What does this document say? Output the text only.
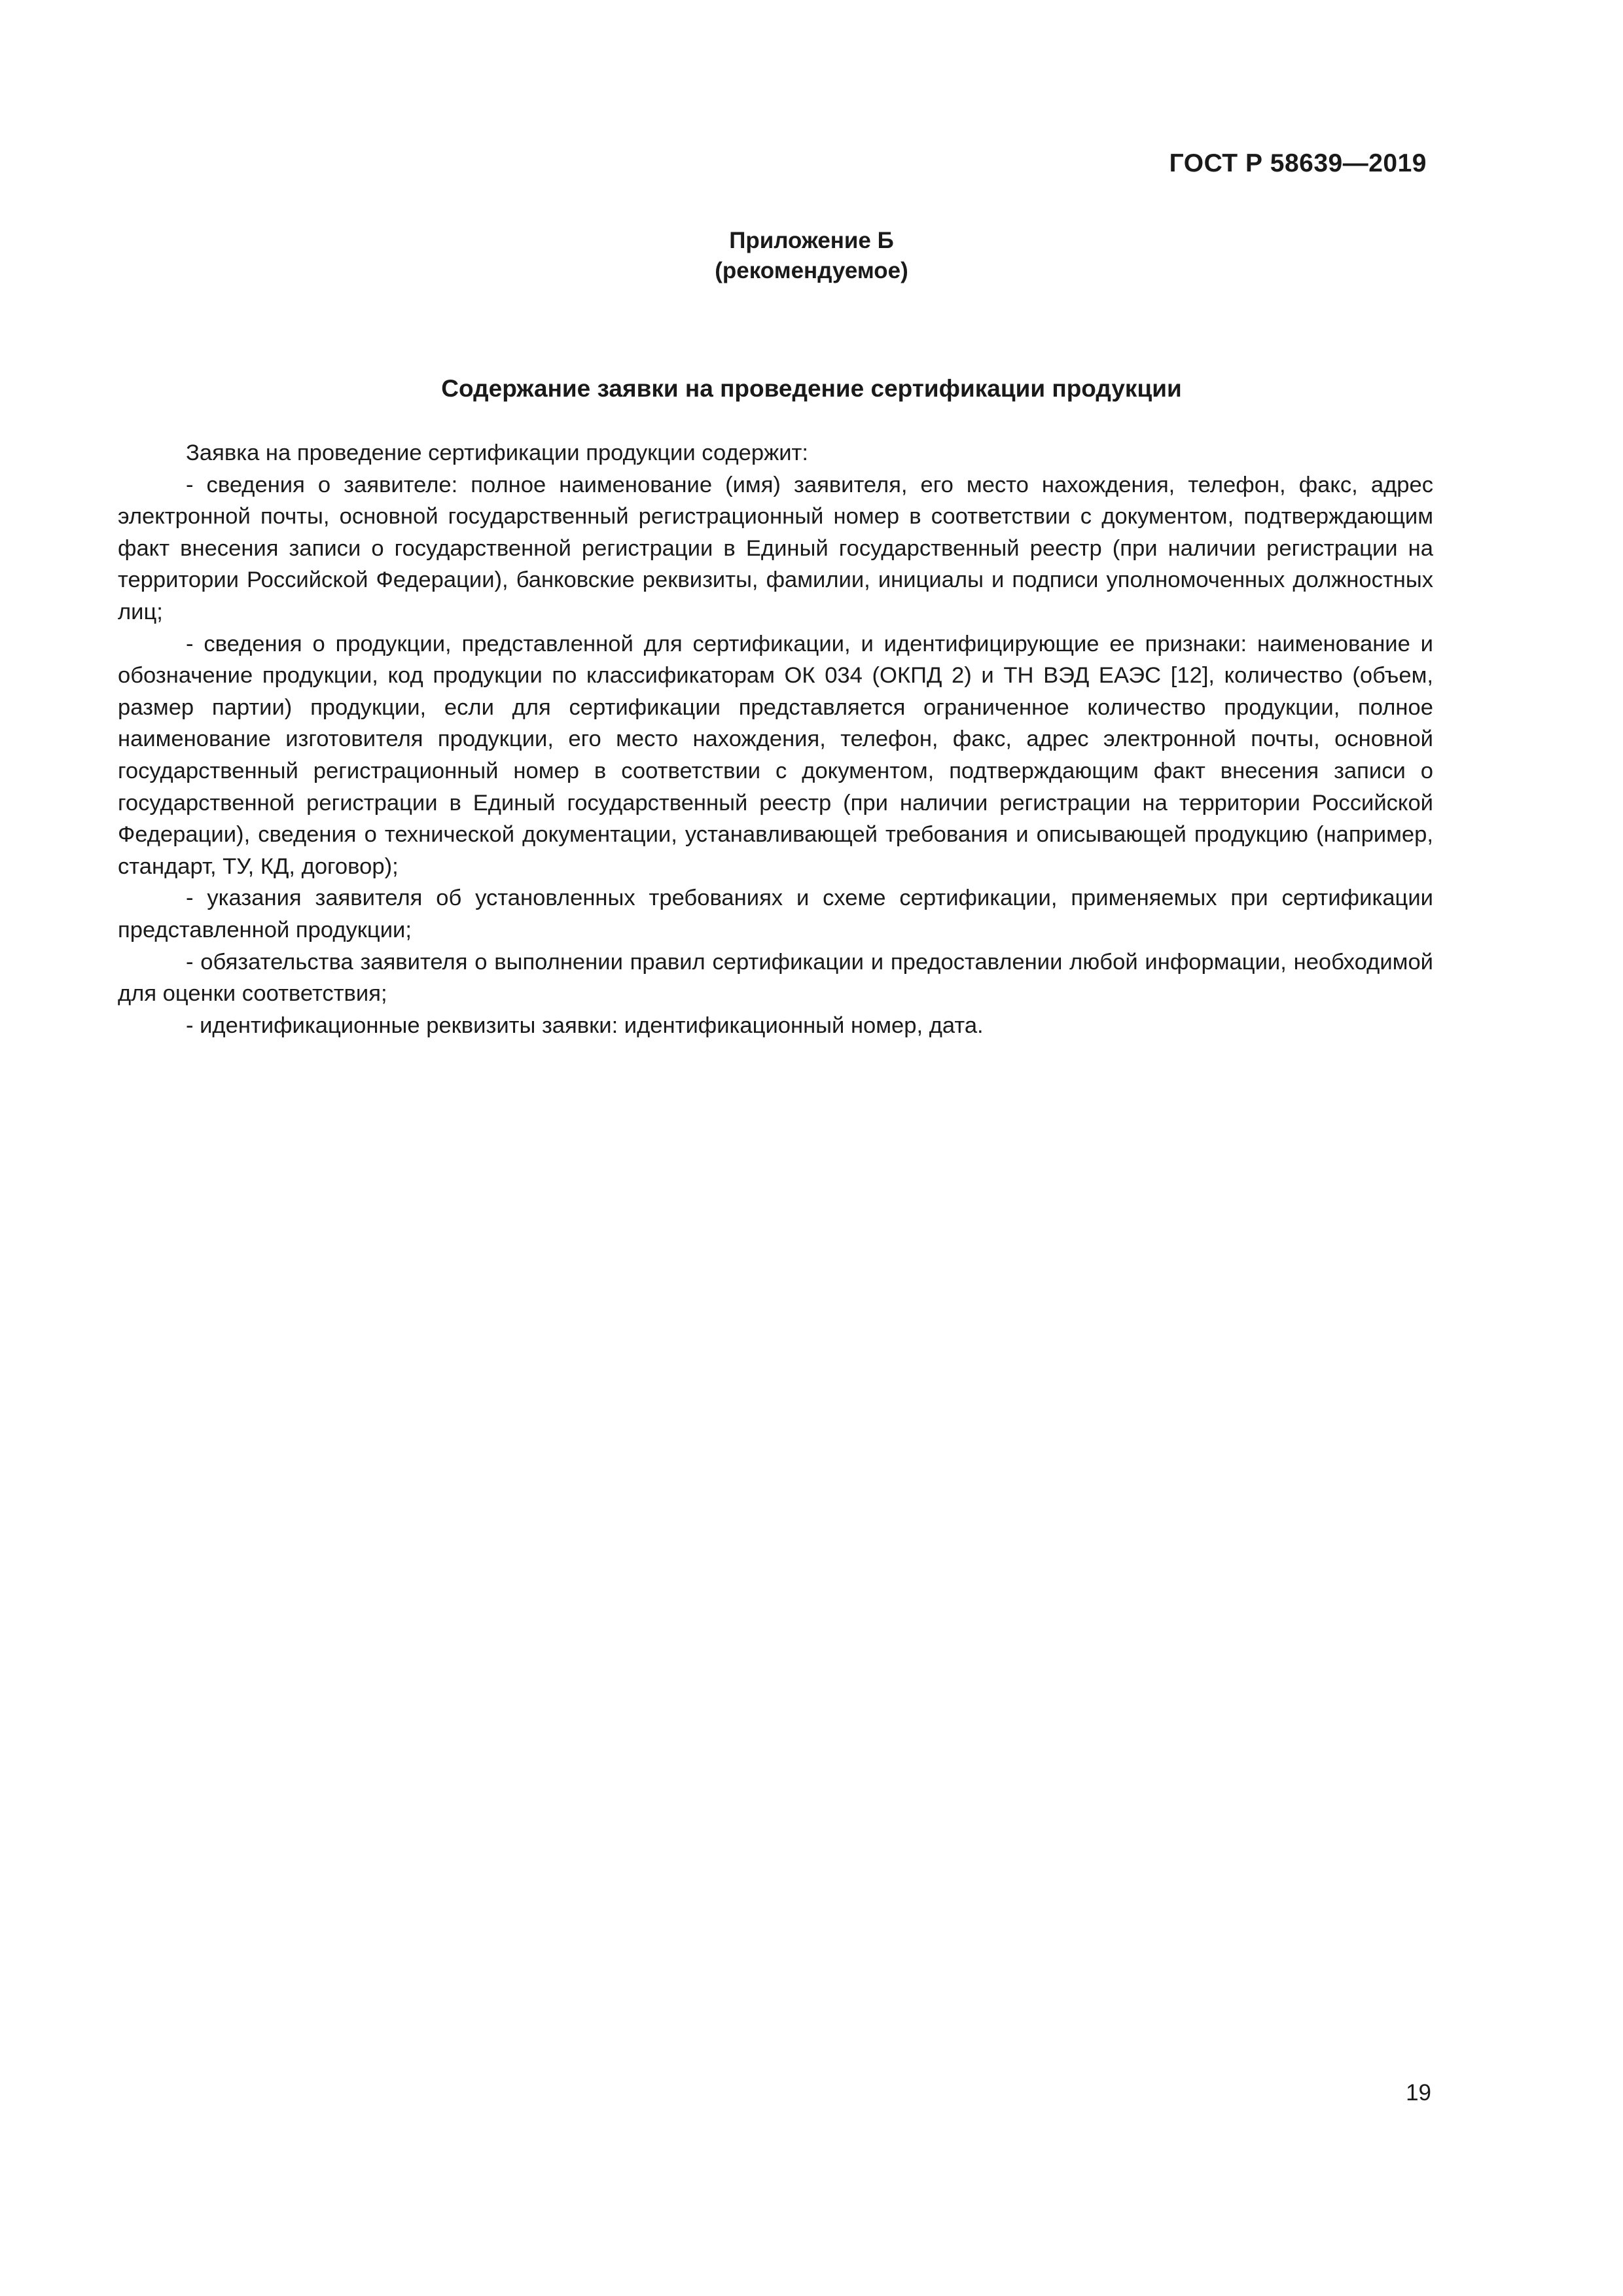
ГОСТ Р 58639—2019
Приложение Б
(рекомендуемое)
Содержание заявки на проведение сертификации продукции

Заявка на проведение сертификации продукции содержит:

- сведения о заявителе: полное наименование (имя) заявителя, его место нахождения, телефон, факс, адрес электронной почты, основной государственный регистрационный номер в соответствии с документом, подтверждающим факт внесения записи о государственной регистрации в Единый государственный реестр (при наличии регистрации на территории Российской Федерации), банковские реквизиты, фамилии, инициалы и подписи уполномоченных должностных лиц;

- сведения о продукции, представленной для сертификации, и идентифицирующие ее признаки: наименование и обозначение продукции, код продукции по классификаторам ОК 034 (ОКПД 2) и ТН ВЭД ЕАЭС [12], количество (объем, размер партии) продукции, если для сертификации представляется ограниченное количество продукции, полное наименование изготовителя продукции, его место нахождения, телефон, факс, адрес электронной почты, основной государственный регистрационный номер в соответствии с документом, подтверждающим факт внесения записи о государственной регистрации в Единый государственный реестр (при наличии регистрации на территории Российской Федерации), сведения о технической документации, устанавливающей требования и описывающей продукцию (например, стандарт, ТУ, КД, договор);

- указания заявителя об установленных требованиях и схеме сертификации, применяемых при сертификации представленной продукции;

- обязательства заявителя о выполнении правил сертификации и предоставлении любой информации, необходимой для оценки соответствия;

- идентификационные реквизиты заявки: идентификационный номер, дата.

19
